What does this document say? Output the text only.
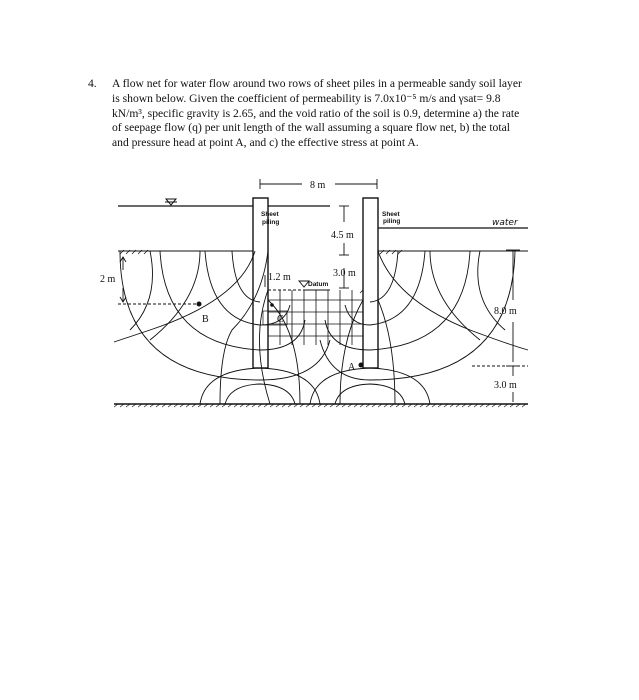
4. A flow net for water flow around two rows of sheet piles in a permeable sandy soil layer

is shown below. Given the coefficient of permeability is 7.0x10⁻⁵ m/s and γsat= 9.8

kN/m³, specific gravity is 2.65, and the void ratio of the soil is 0.9, determine a) the rate

of seepage flow (q) per unit length of the wall assuming a square flow net, b) the total

and pressure head at point A, and c) the effective stress at point A.

8 m
4.5 m
3.0 m
1.2 m
Datum
Sheet
piling
Sheet
piling	water
2 m
8.0 m
3.0 m
A
B	C
